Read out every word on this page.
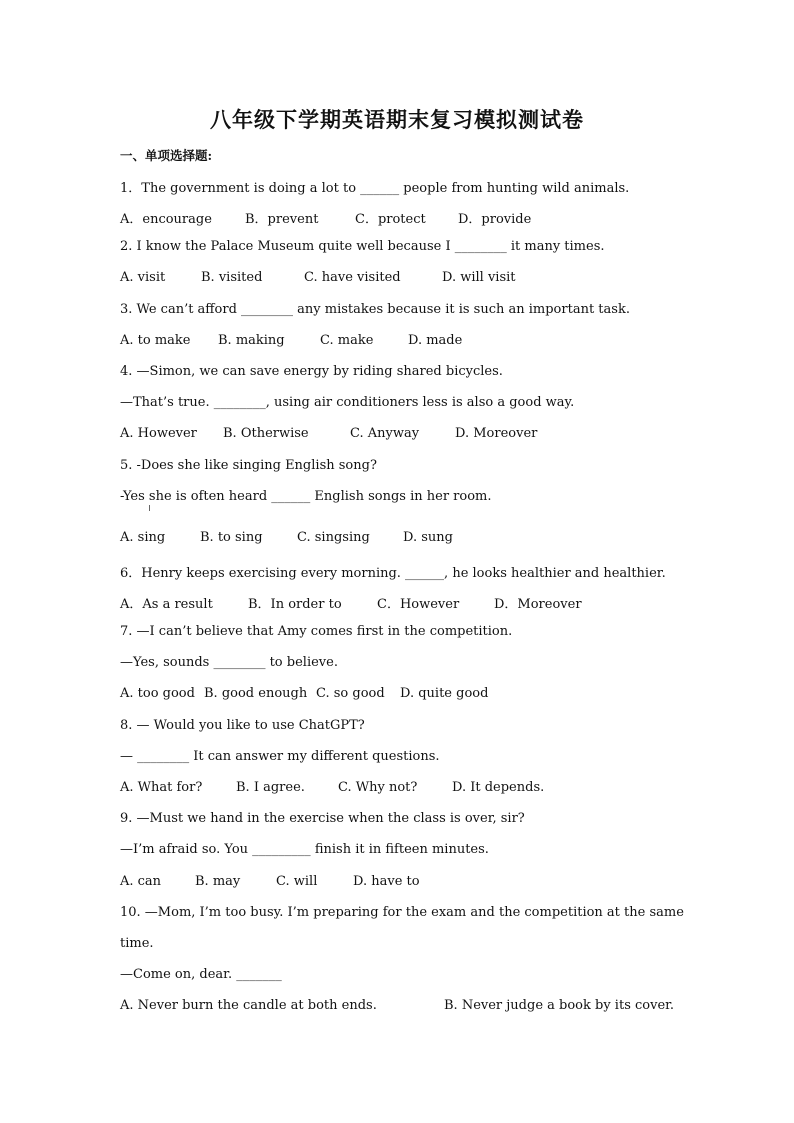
八年级下学期英语期末复习模拟测试卷
一、单项选择题:
1．The government is doing a lot to ______ people from hunting wild animals.
A．encourage	B．prevent	C．protect D．provide
2. I know the Palace Museum quite well because I ________ it many times.
A. visit	B. visited	C. have visited	D. will visit
3. We can’t afford ________ any mistakes because it is such an important task.
A. to make B. making	C. make	D. made
4. —Simon, we can save energy by riding shared bicycles.
—That’s true. ________, using air conditioners less is also a good way.
A. However B. Otherwise	C. Anyway	D. Moreover
5. -Does she like singing English song?
-Yes she is often heard ______ English songs in her room.
A. sing	B. to sing	C. singsing	D. sung
6．Henry keeps exercising every morning. ______, he looks healthier and healthier.
A．As a result	B．In order to	C．However	D．Moreover
7. —I can’t believe that Amy comes first in the competition.
—Yes, sounds ________ to believe.
A. too good B. good enough C. so good D. quite good
8. — Would you like to use ChatGPT?
— ________ It can answer my different questions.
A. What for?	B. I agree.	C. Why not?	D. It depends.
9. —Must we hand in the exercise when the class is over, sir?
—I’m afraid so. You _________ finish it in fifteen minutes.
A. can	B. may	C. will	D. have to
10. —Mom, I’m too busy. I’m preparing for the exam and the competition at the same
time.
—Come on, dear. _______
A. Never burn the candle at both ends.	B. Never judge a book by its cover.
